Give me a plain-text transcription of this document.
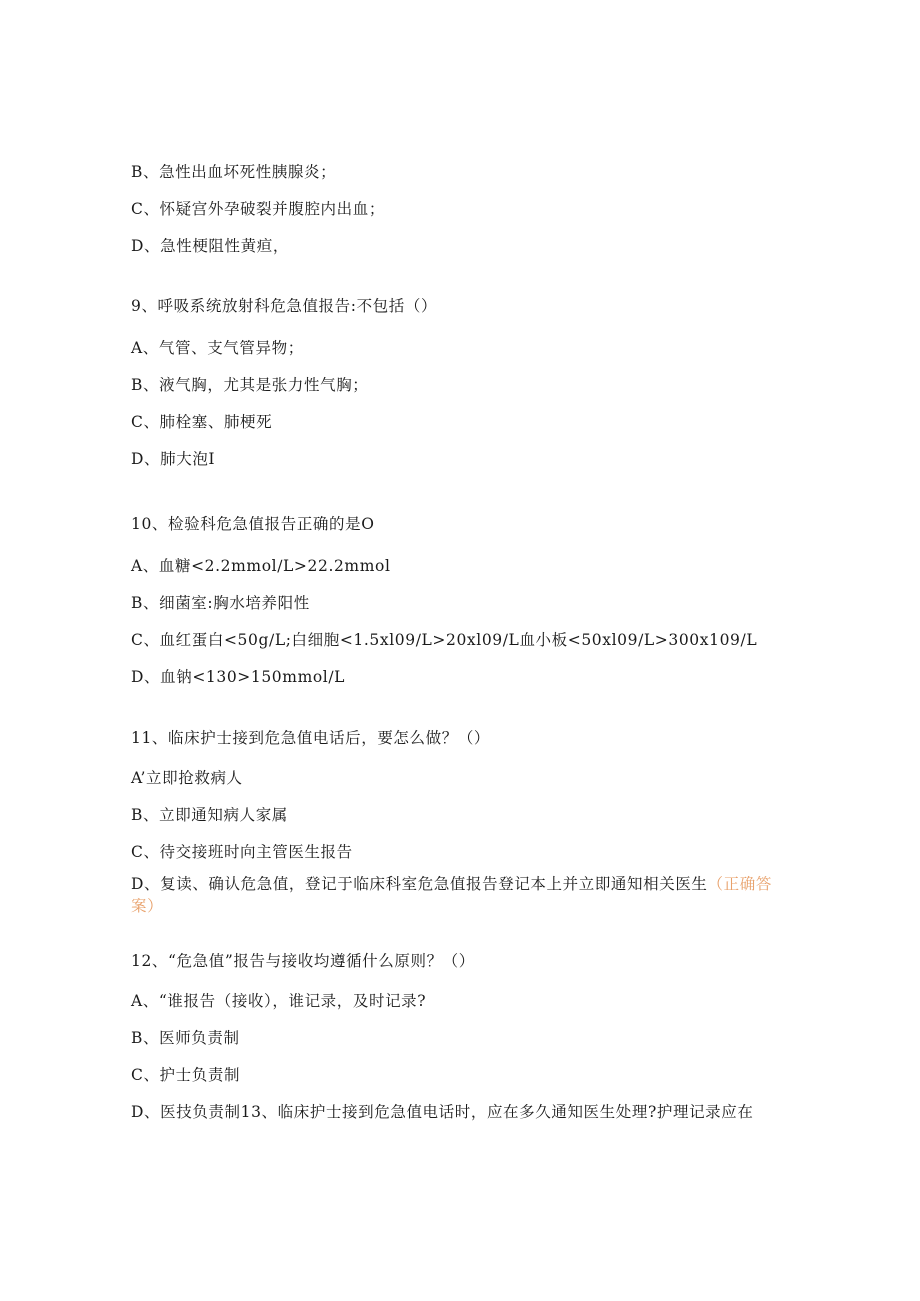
B、急性出血坏死性胰腺炎；
C、怀疑宫外孕破裂并腹腔内出血；
D、急性梗阻性黄疸，
9、呼吸系统放射科危急值报告:不包括（）
A、气管、支气管异物；
B、液气胸，尤其是张力性气胸；
C、肺栓塞、肺梗死
D、肺大泡I
10、检验科危急值报告正确的是O
A、血糖<2.2mmol∕L>22.2mmol
B、细菌室:胸水培养阳性
C、血红蛋白<50g∕L;白细胞<1.5xl09∕L>20xl09∕L血小板<50xl09∕L>300x109/L
D、血钠<130>150mmol∕L
11、临床护士接到危急值电话后，要怎么做？（）
A’立即抢救病人
B、立即通知病人家属
C、待交接班时向主管医生报告
D、复读、确认危急值，登记于临床科室危急值报告登记本上并立即通知相关医生（正确答案）
12、“危急值”报告与接收均遵循什么原则？（）
A、“谁报告（接收），谁记录，及时记录?
B、医师负责制
C、护士负责制
D、医技负责制13、临床护士接到危急值电话时，应在多久通知医生处理?护理记录应在
